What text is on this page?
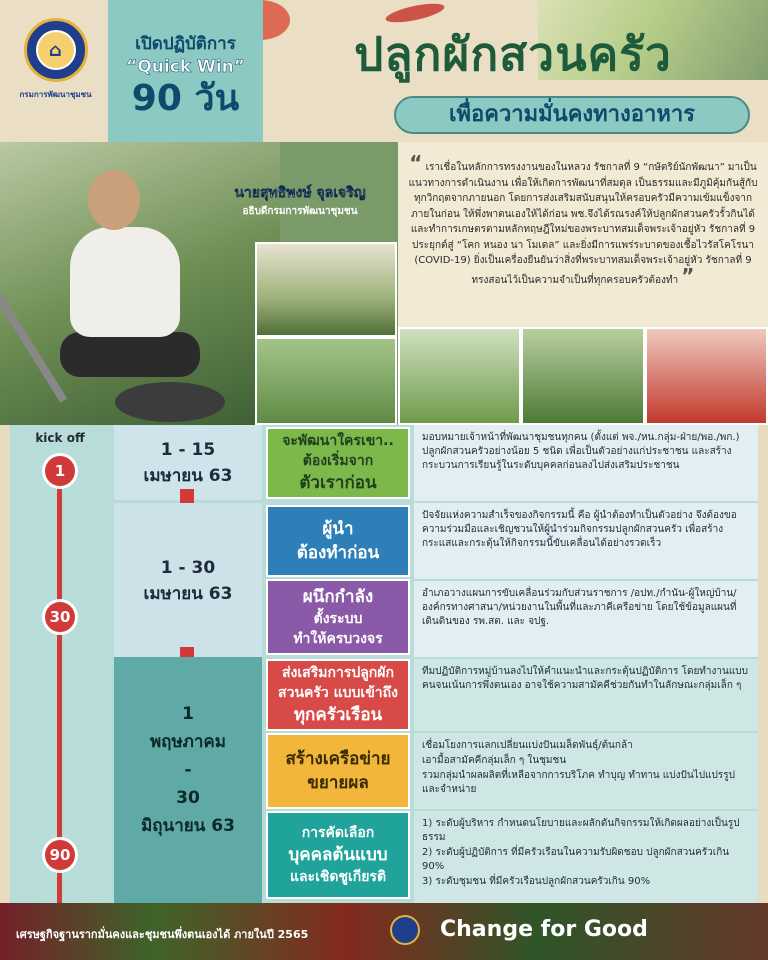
⌂
กรมการพัฒนาชุมชน
เปิดปฏิบัติการ
“Quick Win”
90 วัน
ปลูกผักสวนครัว
เพื่อความมั่นคงทางอาหาร
นายสุทธิพงษ์ จุลเจริญ
อธิบดีกรมการพัฒนาชุมชน
“ เราเชื่อในหลักการทรงงานของในหลวง รัชกาลที่ 9 “กษัตริย์นักพัฒนา” มาเป็นแนวทางการดำเนินงาน เพื่อให้เกิดการพัฒนาที่สมดุล เป็นธรรมและมีภูมิคุ้มกันสู้กับทุกวิกฤตจากภายนอก โดยการส่งเสริมสนับสนุนให้ครอบครัวมีความเข้มแข็งจากภายในก่อน ให้พึ่งพาตนเองให้ได้ก่อน พช.จึงได้รณรงค์ให้ปลูกผักสวนครัวรั้วกินได้ และทำการเกษตรตามหลักทฤษฎีใหม่ของพระบาทสมเด็จพระเจ้าอยู่หัว รัชกาลที่ 9 ประยุกต์สู่ “โคก หนอง นา โมเดล” และยิ่งมีการแพร่ระบาดของเชื้อไวรัสโคโรนา (COVID-19) ยิ่งเป็นเครื่องยืนยันว่าสิ่งที่พระบาทสมเด็จพระเจ้าอยู่หัว รัชกาลที่ 9 ทรงสอนไว้เป็นความจำเป็นที่ทุกครอบครัวต้องทำ ”
kick off
1
30
90
1 - 15
เมษายน 63
1 - 30
เมษายน 63
1
พฤษภาคม
-
30
มิถุนายน 63
จะพัฒนาใครเขา..
ต้องเริ่มจาก
ตัวเราก่อน
ผู้นำ
ต้องทำก่อน
ผนึกกำลัง
ตั้งระบบ
ทำให้ครบวงจร
ส่งเสริมการปลูกผัก
สวนครัว แบบเข้าถึง
ทุกครัวเรือน
สร้างเครือข่าย
ขยายผล
การคัดเลือก
บุคคลต้นแบบ
และเชิดชูเกียรติ

มอบหมายเจ้าหน้าที่พัฒนาชุมชนทุกคน (ตั้งแต่ พจ./หน.กลุ่ม-ฝ่าย/พอ./พก.) ปลูกผักสวนครัวอย่างน้อย 5 ชนิด เพื่อเป็นตัวอย่างแก่ประชาชน และสร้างกระบวนการเรียนรู้ในระดับบุคคลก่อนลงไปส่งเสริมประชาชน

ปัจจัยแห่งความสำเร็จของกิจกรรมนี้ คือ ผู้นำต้องทำเป็นตัวอย่าง จึงต้องขอความร่วมมือและเชิญชวนให้ผู้นำร่วมกิจกรรมปลูกผักสวนครัว เพื่อสร้างกระแสและกระตุ้นให้กิจกรรมนี้ขับเคลื่อนได้อย่างรวดเร็ว

อำเภอวางแผนการขับเคลื่อนร่วมกับส่วนราชการ /อปท./กำนัน-ผู้ใหญ่บ้าน/องค์กรทางศาสนา/หน่วยงานในพื้นที่และภาคีเครือข่าย โดยใช้ข้อมูลแผนที่เดินดินของ รพ.สต. และ จปฐ.

ทีมปฏิบัติการหมู่บ้านลงไปให้คำแนะนำและกระตุ้นปฏิบัติการ โดยทำงานแบบคนจนเน้นการพึ่งตนเอง อาจใช้ความสามัคคีช่วยกันทำในลักษณะกลุ่มเล็ก ๆ

เชื่อมโยงการแลกเปลี่ยนแบ่งปันเมล็ดพันธุ์/ต้นกล้า

เอามื้อสามัคคีกลุ่มเล็ก ๆ ในชุมชน

รวมกลุ่มนำผลผลิตที่เหลือจากการบริโภค ทำบุญ ทำทาน แบ่งปันไปแปรรูป และจำหน่าย

1) ระดับผู้บริหาร กำหนดนโยบายและผลักดันกิจกรรมให้เกิดผลอย่างเป็นรูปธรรม

2) ระดับผู้ปฏิบัติการ ที่มีครัวเรือนในความรับผิดชอบ ปลูกผักสวนครัวเกิน 90%

3) ระดับชุมชน ที่มีครัวเรือนปลูกผักสวนครัวเกิน 90%

เศรษฐกิจฐานรากมั่นคงและชุมชนพึ่งตนเองได้ ภายในปี 2565	Change for Good
